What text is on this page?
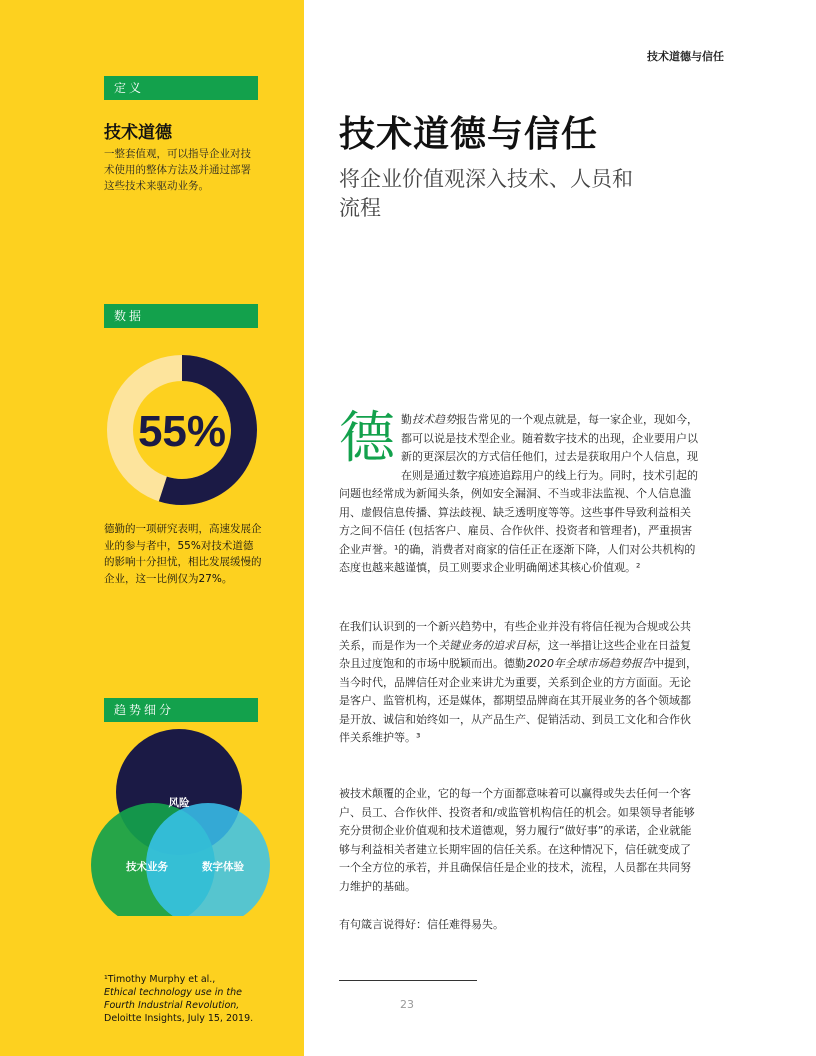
定义
技术道德
一整套值观，可以指导企业对技术使用的整体方法及并通过部署这些技术来驱动业务。
数据
55%
德勤的一项研究表明，高速发展企业的参与者中，55%对技术道德的影响十分担忧，相比发展缓慢的企业，这一比例仅为27%。
趋势细分
风险
技术业务	数字体验
¹Timothy Murphy et al.,
Ethical technology use in the Fourth Industrial Revolution,
Deloitte Insights, July 15, 2019.
技术道德与信任
技术道德与信任
将企业价值观深入技术、人员和流程
德勤技术趋势报告常见的一个观点就是，每一家企业，现如今，都可以说是技术型企业。随着数字技术的出现，企业要用户以新的更深层次的方式信任他们，过去是获取用户个人信息，现在则是通过数字痕迹追踪用户的线上行为。同时，技术引起的问题也经常成为新闻头条，例如安全漏洞、不当或非法监视、个人信息滥用、虚假信息传播、算法歧视、缺乏透明度等等。这些事件导致利益相关方之间不信任 (包括客户、雇员、合作伙伴、投资者和管理者)，严重损害企业声誉。¹的确，消费者对商家的信任正在逐渐下降，人们对公共机构的态度也越来越谨慎，员工则要求企业明确阐述其核心价值观。²
在我们认识到的一个新兴趋势中，有些企业并没有将信任视为合规或公共关系，而是作为一个关键业务的追求目标，这一举措让这些企业在日益复杂且过度饱和的市场中脱颖而出。德勤2020年全球市场趋势报告中提到，当今时代，品牌信任对企业来讲尤为重要，关系到企业的方方面面。无论是客户、监管机构，还是媒体，都期望品牌商在其开展业务的各个领域都是开放、诚信和始终如一，从产品生产、促销活动、到员工文化和合作伙伴关系维护等。³
被技术颠覆的企业，它的每一个方面都意味着可以赢得或失去任何一个客户、员工、合作伙伴、投资者和/或监管机构信任的机会。如果领导者能够充分贯彻企业价值观和技术道德观，努力履行“做好事”的承诺，企业就能够与利益相关者建立长期牢固的信任关系。在这种情况下，信任就变成了一个全方位的承若，并且确保信任是企业的技术，流程，人员都在共同努力维护的基础。
有句箴言说得好：信任难得易失。
23
